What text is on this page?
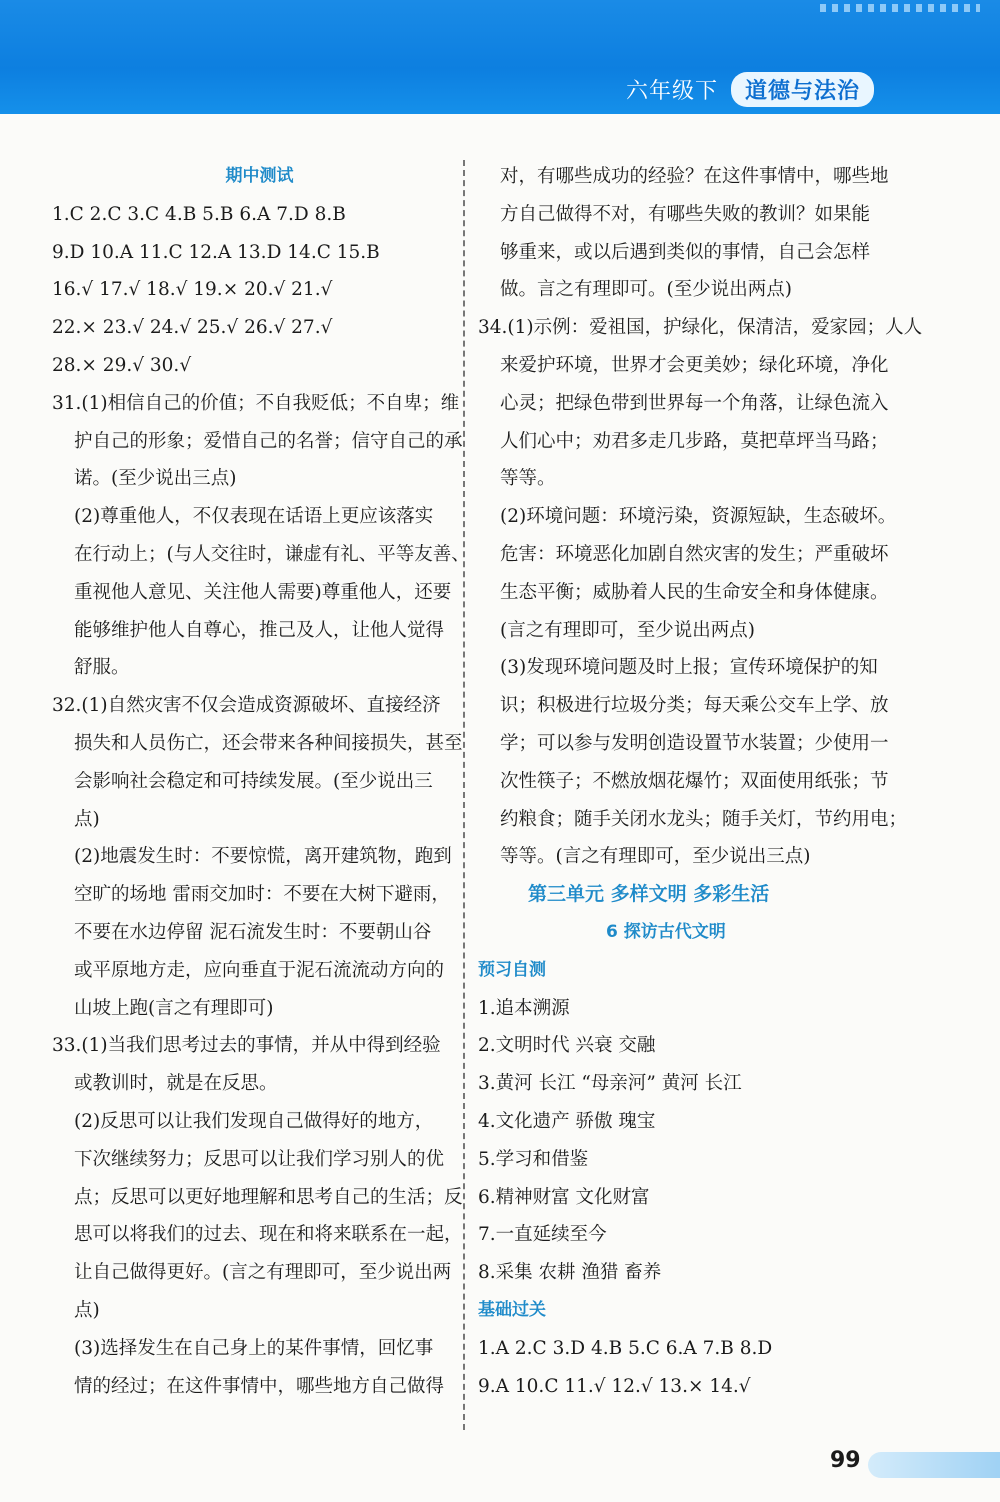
六年级下	道德与法治
期中测试
1.C 2.C 3.C 4.B 5.B 6.A 7.D 8.B
9.D 10.A 11.C 12.A 13.D 14.C 15.B
16.√ 17.√ 18.√ 19.× 20.√ 21.√
22.× 23.√ 24.√ 25.√ 26.√ 27.√
28.× 29.√ 30.√
31.(1)相信自己的价值；不自我贬低；不自卑；维
护自己的形象；爱惜自己的名誉；信守自己的承
诺。(至少说出三点)
(2)尊重他人，不仅表现在话语上更应该落实
在行动上；(与人交往时，谦虚有礼、平等友善、
重视他人意见、关注他人需要)尊重他人，还要
能够维护他人自尊心，推己及人，让他人觉得
舒服。
32.(1)自然灾害不仅会造成资源破坏、直接经济
损失和人员伤亡，还会带来各种间接损失，甚至
会影响社会稳定和可持续发展。(至少说出三
点)
(2)地震发生时：不要惊慌，离开建筑物，跑到
空旷的场地 雷雨交加时：不要在大树下避雨，
不要在水边停留 泥石流发生时：不要朝山谷
或平原地方走，应向垂直于泥石流流动方向的
山坡上跑(言之有理即可)
33.(1)当我们思考过去的事情，并从中得到经验
或教训时，就是在反思。
(2)反思可以让我们发现自己做得好的地方，
下次继续努力；反思可以让我们学习别人的优
点；反思可以更好地理解和思考自己的生活；反
思可以将我们的过去、现在和将来联系在一起，
让自己做得更好。(言之有理即可，至少说出两
点)
(3)选择发生在自己身上的某件事情，回忆事
情的经过；在这件事情中，哪些地方自己做得
对，有哪些成功的经验？在这件事情中，哪些地
方自己做得不对，有哪些失败的教训？如果能
够重来，或以后遇到类似的事情，自己会怎样
做。言之有理即可。(至少说出两点)
34.(1)示例：爱祖国，护绿化，保清洁，爱家园；人人
来爱护环境，世界才会更美妙；绿化环境，净化
心灵；把绿色带到世界每一个角落，让绿色流入
人们心中；劝君多走几步路，莫把草坪当马路；
等等。
(2)环境问题：环境污染，资源短缺，生态破坏。
危害：环境恶化加剧自然灾害的发生；严重破坏
生态平衡；威胁着人民的生命安全和身体健康。
(言之有理即可，至少说出两点)
(3)发现环境问题及时上报；宣传环境保护的知
识；积极进行垃圾分类；每天乘公交车上学、放
学；可以参与发明创造设置节水装置；少使用一
次性筷子；不燃放烟花爆竹；双面使用纸张；节
约粮食；随手关闭水龙头；随手关灯，节约用电；
等等。(言之有理即可，至少说出三点)
第三单元 多样文明 多彩生活
6 探访古代文明
预习自测
1.追本溯源
2.文明时代 兴衰 交融
3.黄河 长江 “母亲河” 黄河 长江
4.文化遗产 骄傲 瑰宝
5.学习和借鉴
6.精神财富 文化财富
7.一直延续至今
8.采集 农耕 渔猎 畜养
基础过关
1.A 2.C 3.D 4.B 5.C 6.A 7.B 8.D
9.A 10.C 11.√ 12.√ 13.× 14.√
99
